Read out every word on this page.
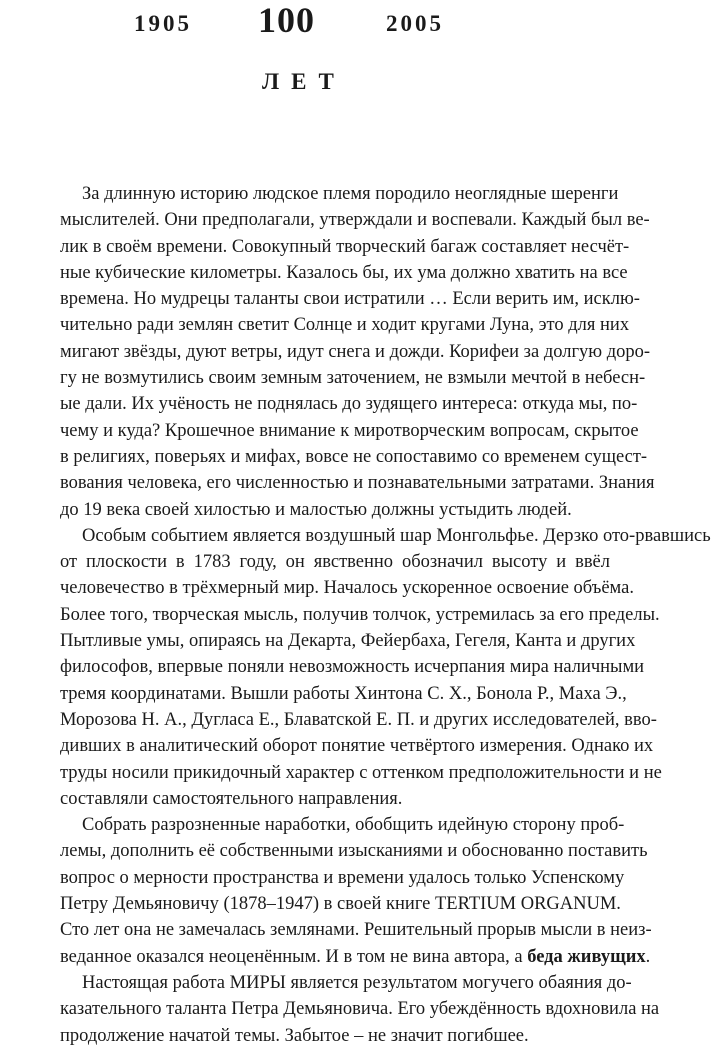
1905 100	2005
ЛЕТ

За длинную историю людское племя породило неоглядные шеренги
мыслителей. Они предполагали, утверждали и воспевали. Каждый был ве-
лик в своём времени. Совокупный творческий багаж составляет несчёт-
ные кубические километры. Казалось бы, их ума должно хватить на все
времена. Но мудрецы таланты свои истратили … Если верить им, исклю-
чительно ради землян светит Солнце и ходит кругами Луна, это для них
мигают звёзды, дуют ветры, идут снега и дожди. Корифеи за долгую доро-
гу не возмутились своим земным заточением, не взмыли мечтой в небесн-
ые дали. Их учёность не поднялась до зудящего интереса: откуда мы, по-
чему и куда? Крошечное внимание к миротворческим вопросам, скрытое
в религиях, поверьях и мифах, вовсе не сопоставимо со временем сущест-
вования человека, его численностью и познавательными затратами. Знания
до 19 века своей хилостью и малостью должны устыдить людей.

Особым событием является воздушный шар Монгольфье. Дерзко ото-рвавшись
от плоскости в 1783 году, он явственно обозначил высоту и ввёл
человечество в трёхмерный мир. Началось ускоренное освоение объёма.
Более того, творческая мысль, получив толчок, устремилась за его пределы.
Пытливые умы, опираясь на Декарта, Фейербаха, Гегеля, Канта и других
философов, впервые поняли невозможность исчерпания мира наличными
тремя координатами. Вышли работы Хинтона С. Х., Бонола Р., Маха Э.,
Морозова Н. А., Дугласа Е., Блаватской Е. П. и других исследователей, вво-
дивших в аналитический оборот понятие четвёртого измерения. Однако их
труды носили прикидочный характер с оттенком предположительности и не
составляли самостоятельного направления.

Собрать разрозненные наработки, обобщить идейную сторону проб-
лемы, дополнить её собственными изысканиями и обоснованно поставить
вопрос о мерности пространства и времени удалось только Успенскому
Петру Демьяновичу (1878–1947) в своей книге TERTIUM ORGANUM.
Сто лет она не замечалась землянами. Решительный прорыв мысли в неиз-
веданное оказался неоценённым. И в том не вина автора, а беда живущих.

Настоящая работа МИРЫ является результатом могучего обаяния до-
казательного таланта Петра Демьяновича. Его убеждённость вдохновила на
продолжение начатой темы. Забытое – не значит погибшее.
